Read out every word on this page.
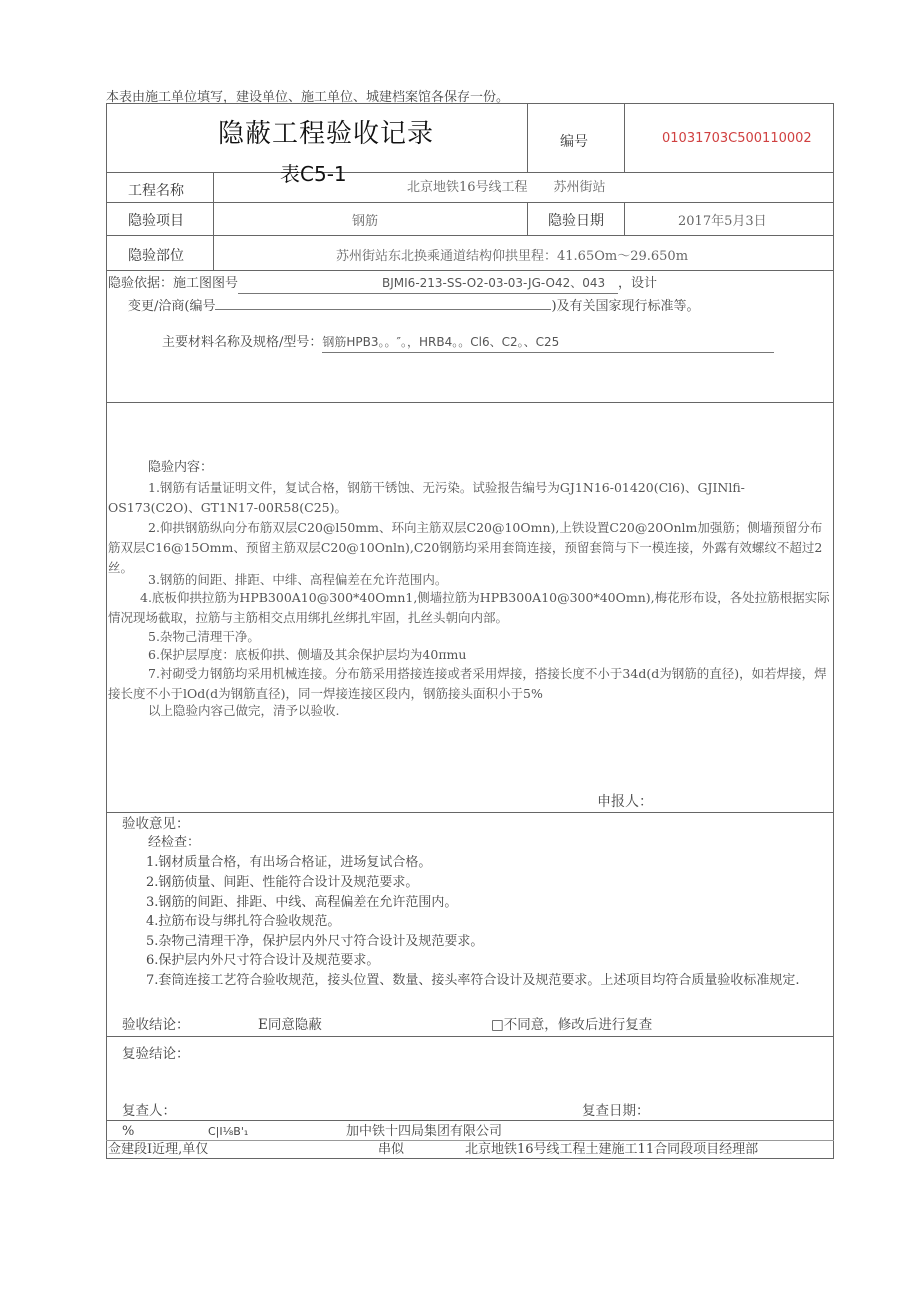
本表由施工单位填写，建设单位、施工单位、城建档案馆各保存一份。
隐蔽工程验收记录
表C5-1
编号	01031703C500110002
工程名称	北京地铁16号线工程　　苏州街站
隐验项目	钢筋	隐验日期	2017年5月3日
隐验部位	苏州街站东北换乘通道结构仰拱里程：41.65Om～29.650m
隐验依据：施工图图号	BJMI6-213-SS-O2-03-03-JG-O42、043 ，设计
变更/洽商(编号	)及有关国家现行标准等。
主要材料名称及规格/型号：钢筋HPB3。。″。，HRB4。。Cl6、C2。、C25
隐验内容：
1.钢筋有话量证明文件，复试合格，钢筋干锈蚀、无污染。试验报告编号为GJ1N16-01420(Cl6)、GJINlfi-OS173(C2O)、GT1N17-00R58(C25)。
2.仰拱钢筋纵向分布筋双层C20@l50mm、环向主筋双层C20@10Omn),上铁设置C20@20Onlm加强筋；侧墙预留分布筋双层C16@15Omm、预留主筋双层C20@10Onln),C20钢筋均采用套筒连接，预留套筒与下一模连接，外露有效螺纹不超过2丝。
3.钢筋的间距、排距、中绯、高程偏差在允许范围内。
4.底板仰拱拉筋为HPB300A10@300*40Omn1,侧墙拉筋为HPB300A10@300*40Omn),梅花形布设，各处拉筋根据实际情况现场截取，拉筋与主筋相交点用绑扎丝绑扎牢固，扎丝头朝向内部。
5.杂物己清理干净。
6.保护层厚度：底板仰拱、侧墙及其余保护层均为40πmu
7.衬砌受力钢筋均采用机械连接。分布筋采用搭接连接或者采用焊接，搭接长度不小于34d(d为钢筋的直径)，如若焊接，焊接长度不小于lOd(d为钢筋直径)，同一焊接连接区段内，钢筋接头面积小于5%
以上隐验内容己做完，清予以验收.
申报人：
验收意见：
经检查：
1.钢材质量合格，有出场合格证，进场复试合格。
2.钢筋侦量、间距、性能符合设计及规范要求。
3.钢筋的间距、排距、中线、高程偏差在允许范围内。
4.拉筋布设与绑扎符合验收规范。
5.杂物己清理干净，保护层内外尺寸符合设计及规范要求。
6.保护层内外尺寸符合设计及规范要求。
7.套筒连接工艺符合验收规范，接头位置、数量、接头率符合设计及规范要求。上述项目均符合质量验收标准规定.
验收结论：	E同意隐蔽	□不同意，修改后进行复查
复验结论：
复查人：	复查日期：
%	C|I⅛B'₁	加中铁十四局集团有限公司
佥建段I近理,单仅	串似	北京地铁16号线工程土建施工11合同段项目经理部
